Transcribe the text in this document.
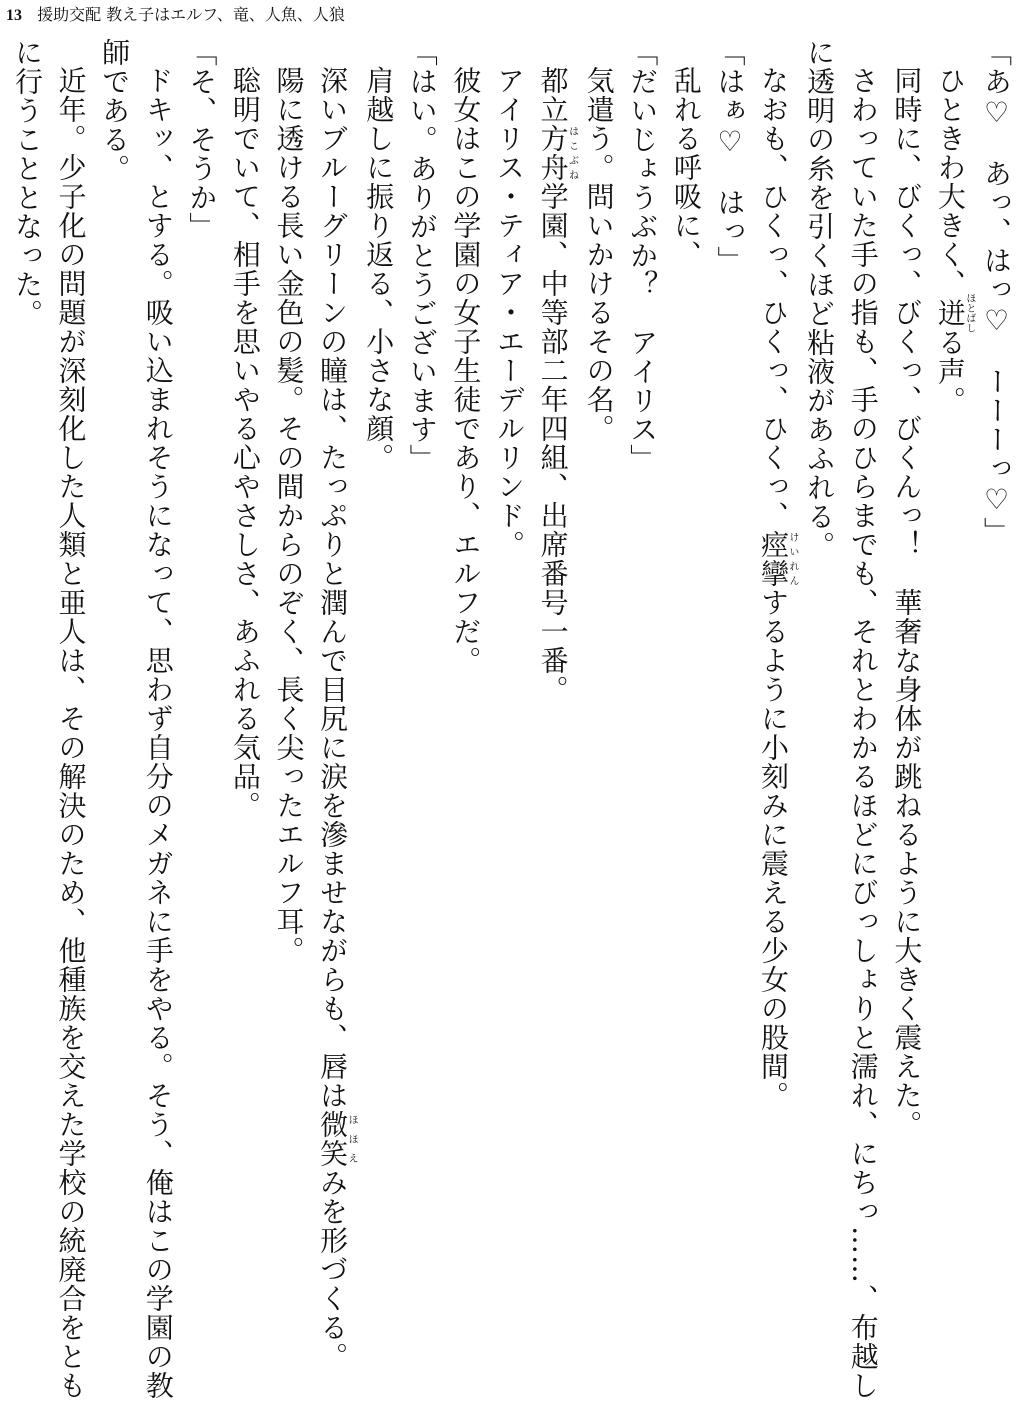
13 援助交配 教え子はエルフ、竜、人魚、人狼

「あ♡　あっ、はっ♡　ーーーっ♡」

ひときわ大きく、迸ほとばしる声。

同時に、びくっ、びくっ、びくんっ！　華奢な身体が跳ねるように大きく震えた。

さわっていた手の指も、手のひらまでも、それとわかるほどにびっしょりと濡れ、にちっ……、布越しに透明の糸を引くほど粘液があふれる。

なおも、ひくっ、ひくっ、ひくっ、痙攣けいれんするように小刻みに震える少女の股間。

「はぁ♡　はっ」

乱れる呼吸に、

「だいじょうぶか？　アイリス」

気遣う。問いかけるその名。

都立方舟はこぶね学園、中等部二年四組、出席番号一番。

アイリス・ティア・エーデルリンド。

彼女はこの学園の女子生徒であり、エルフだ。

「はい。ありがとうございます」

肩越しに振り返る、小さな顔。

深いブルーグリーンの瞳は、たっぷりと潤んで目尻に涙を滲ませながらも、唇は微笑ほほえみを形づくる。

陽に透ける長い金色の髪。その間からのぞく、長く尖ったエルフ耳。

聡明でいて、相手を思いやる心やさしさ、あふれる気品。

「そ、そうか」

ドキッ、とする。吸い込まれそうになって、思わず自分のメガネに手をやる。そう、俺はこの学園の教師である。

近年。少子化の問題が深刻化した人類と亜人は、その解決のため、他種族を交えた学校の統廃合をともに行うこととなった。
